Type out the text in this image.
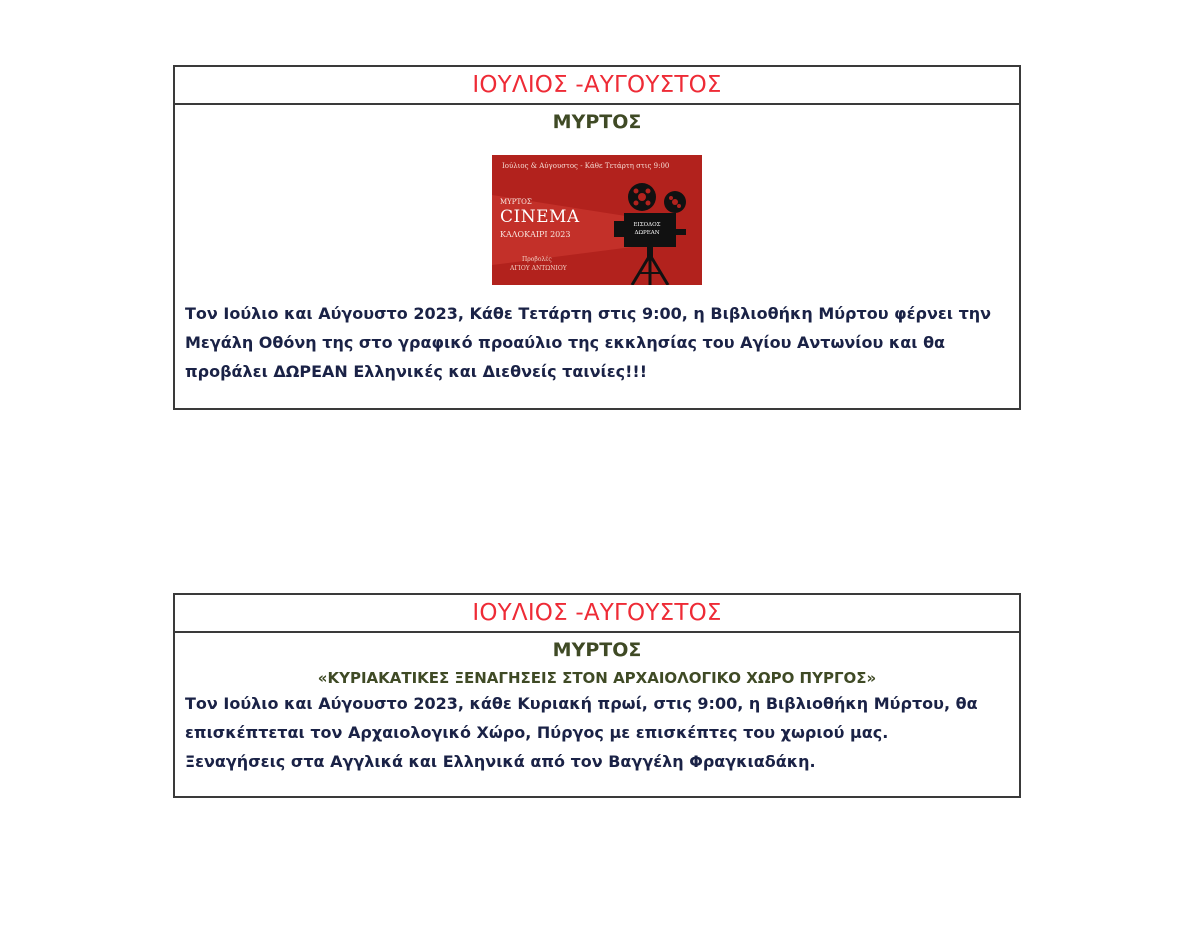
ΙΟΥΛΙΟΣ -ΑΥΓΟΥΣΤΟΣ
ΜΥΡΤΟΣ
Ιούλιος & Αύγουστος - Κάθε Τετάρτη στις 9:00
ΜΥΡΤΟΣ
CINEMA
ΚΑΛΟΚΑΙΡΙ 2023
Προβολές
ΑΓΙΟΥ ΑΝΤΩΝΙΟΥ
ΕΙΣΟΔΟΣ
ΔΩΡΕΑΝ
Τον Ιούλιο και Αύγουστο 2023, Κάθε Τετάρτη στις 9:00, η Βιβλιοθήκη Μύρτου φέρνει την
Μεγάλη Οθόνη της στο γραφικό προαύλιο της εκκλησίας του Αγίου Αντωνίου και θα
προβάλει ΔΩΡΕΑΝ Ελληνικές και Διεθνείς ταινίες!!!
ΙΟΥΛΙΟΣ -ΑΥΓΟΥΣΤΟΣ
ΜΥΡΤΟΣ
«ΚΥΡΙΑΚΑΤΙΚΕΣ ΞΕΝΑΓΗΣΕΙΣ ΣΤΟΝ ΑΡΧΑΙΟΛΟΓΙΚΟ ΧΩΡΟ ΠΥΡΓΟΣ»
Τον Ιούλιο και Αύγουστο 2023, κάθε Κυριακή πρωί, στις 9:00, η Βιβλιοθήκη Μύρτου, θα
επισκέπτεται τον Αρχαιολογικό Χώρο, Πύργος με επισκέπτες του χωριού μας.
Ξεναγήσεις στα Αγγλικά και Ελληνικά από τον Βαγγέλη Φραγκιαδάκη.
